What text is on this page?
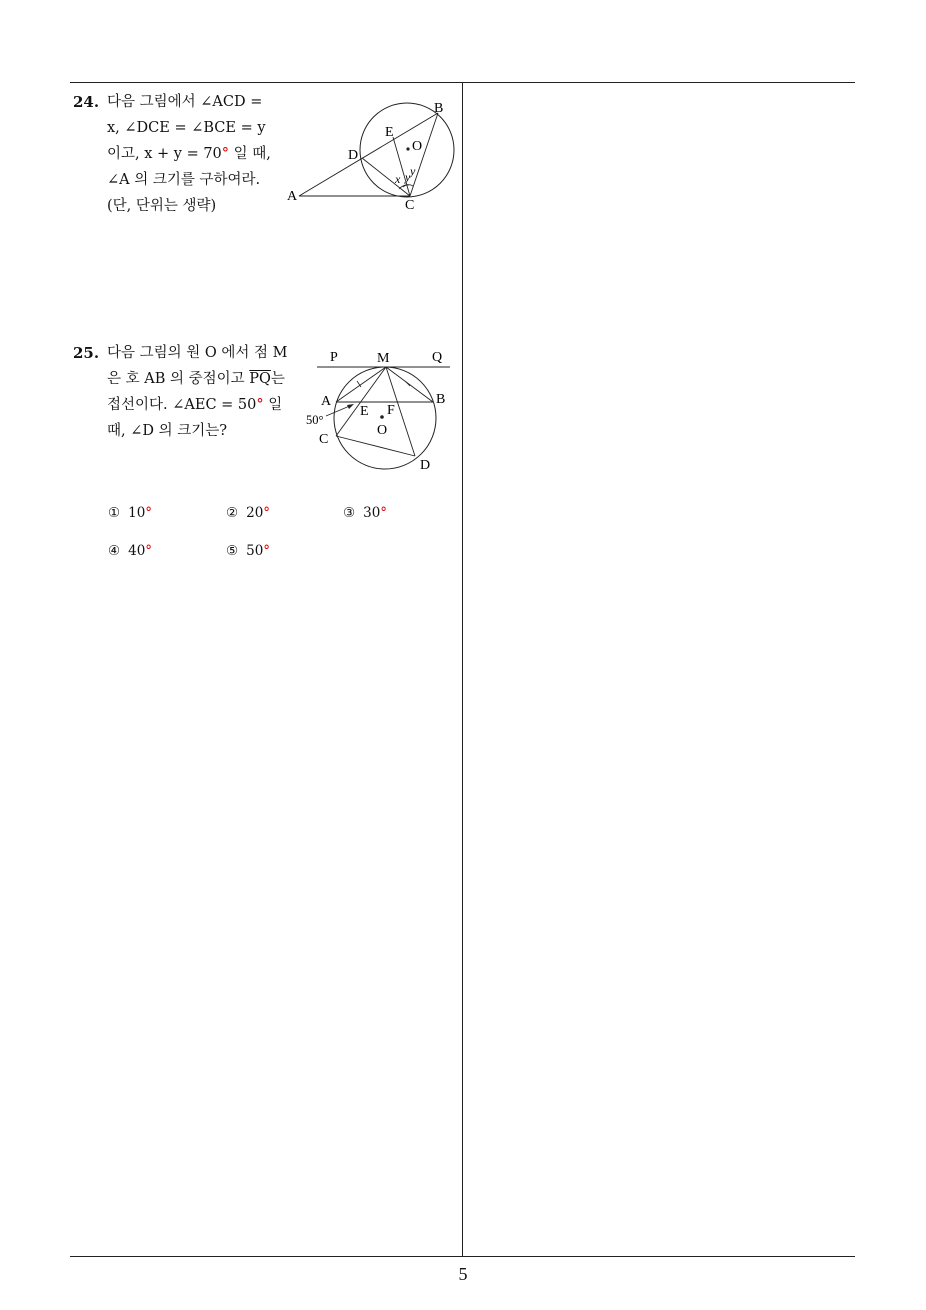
24. 다음 그림에서 ∠ACD =
x, ∠DCE = ∠BCE = y
이고, x + y = 70° 일 때,
∠A 의 크기를 구하여라.
(단, 단위는 생략)
A
B
C
D
E
O
x y y
25. 다음 그림의 원 O 에서 점 M
은 호 AB 의 중점이고 $\overline{PQ}$는
접선이다. ∠AEC = 50° 일
때, ∠D 의 크기는?
P	M	Q
A	B
C
D
E F
O
50°
① 10°	② 20°	③ 30°
④ 40°	⑤ 50°
5
